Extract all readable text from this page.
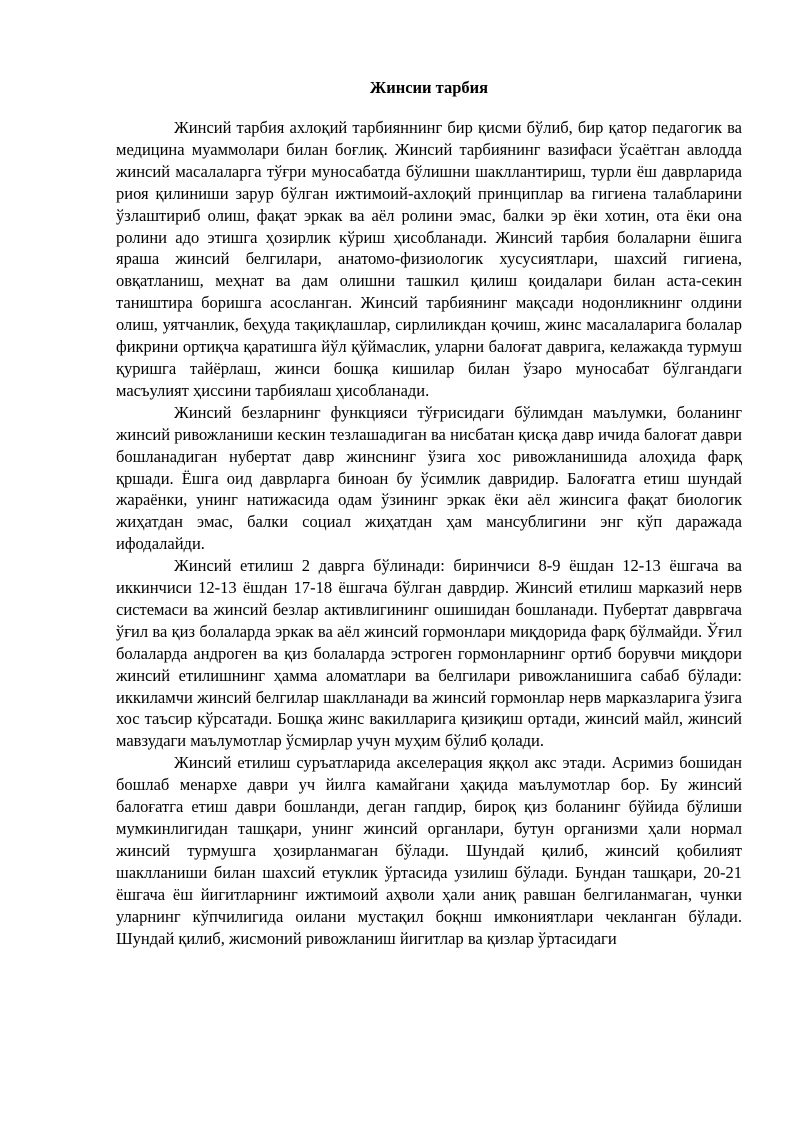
Жинсии тарбия

Жинсий тарбия ахлоқий тарбияннинг бир қисми бўлиб, бир қатор педагогик ва медицина муаммолари билан боғлиқ. Жинсий тарбиянинг вазифаси ўсаётган авлодда жинсий масалаларга тўғри муносабатда бўлишни шакллантириш, турли ёш даврларида риоя қилиниши зарур бўлган ижтимоий-ахлоқий принциплар ва гигиена талабларини ўзлаштириб олиш, фақат эркак ва аёл ролини эмас, балки эр ёки хотин, ота ёки она ролини адо этишга ҳозирлик кўриш ҳисобланади. Жинсий тарбия болаларни ёшига яраша жинсий белгилари, анатомо-физиологик хусусиятлари, шахсий гигиена, овқатланиш, меҳнат ва дам олишни ташкил қилиш қоидалари билан аста-секин таништира боришга асосланган. Жинсий тарбиянинг мақсади нодонликнинг олдини олиш, уятчанлик, беҳуда тақиқлашлар, сирлиликдан қочиш, жинс масалаларига болалар фикрини ортиқча қаратишга йўл қўймаслик, уларни балоғат даврига, келажакда турмуш қуришга тайёрлаш, жинси бошқа кишилар билан ўзаро муносабат бўлгандаги масъулият ҳиссини тарбиялаш ҳисобланади.

Жинсий безларнинг функцияси тўғрисидаги бўлимдан маълумки, боланинг жинсий ривожланиши кескин тезлашадиган ва нисбатан қисқа давр ичида балоғат даври бошланадиган нубертат давр жинснинг ўзига хос ривожланишида алоҳида фарқ қршади. Ёшга оид даврларга биноан бу ўсимлик давридир. Балоғатга етиш шундай жараёнки, унинг натижасида одам ўзининг эркак ёки аёл жинсига фақат биологик жиҳатдан эмас, балки социал жиҳатдан ҳам мансублигини энг кўп даражада ифодалайди.

Жинсий етилиш 2 даврга бўлинади: биринчиси 8-9 ёшдан 12-13 ёшгача ва иккинчиси 12-13 ёшдан 17-18 ёшгача бўлган даврдир. Жинсий етилиш марказий нерв системаси ва жинсий безлар активлигининг ошишидан бошланади. Пубертат даврвгача ўғил ва қиз болаларда эркак ва аёл жинсий гормонлари миқдорида фарқ бўлмайди. Ўғил болаларда андроген ва қиз болаларда эстроген гормонларнинг ортиб борувчи миқдори жинсий етилишнинг ҳамма аломатлари ва белгилари ривожланишига сабаб бўлади: иккиламчи жинсий белгилар шаклланади ва жинсий гормонлар нерв марказларига ўзига хос таъсир кўрсатади. Бошқа жинс вакилларига қизиқиш ортади, жинсий майл, жинсий мавзудаги маълумотлар ўсмирлар учун муҳим бўлиб қолади.

Жинсий етилиш суръатларида акселерация яққол акс этади. Асримиз бошидан бошлаб менархе даври уч йилга камайгани ҳақида маълумотлар бор. Бу жинсий балоғатга етиш даври бошланди, деган гапдир, бироқ қиз боланинг бўйида бўлиши мумкинлигидан ташқари, унинг жинсий органлари, бутун организми ҳали нормал жинсий турмушга ҳозирланмаган бўлади. Шундай қилиб, жинсий қобилият шаклланиши билан шахсий етуклик ўртасида узилиш бўлади. Бундан ташқари, 20-21 ёшгача ёш йигитларнинг ижтимоий аҳволи ҳали аниқ равшан белгиланмаган, чунки уларнинг кўпчилигида оилани мустақил боқнш имкониятлари чекланган бўлади. Шундай қилиб, жисмоний ривожланиш йигитлар ва қизлар ўртасидаги
